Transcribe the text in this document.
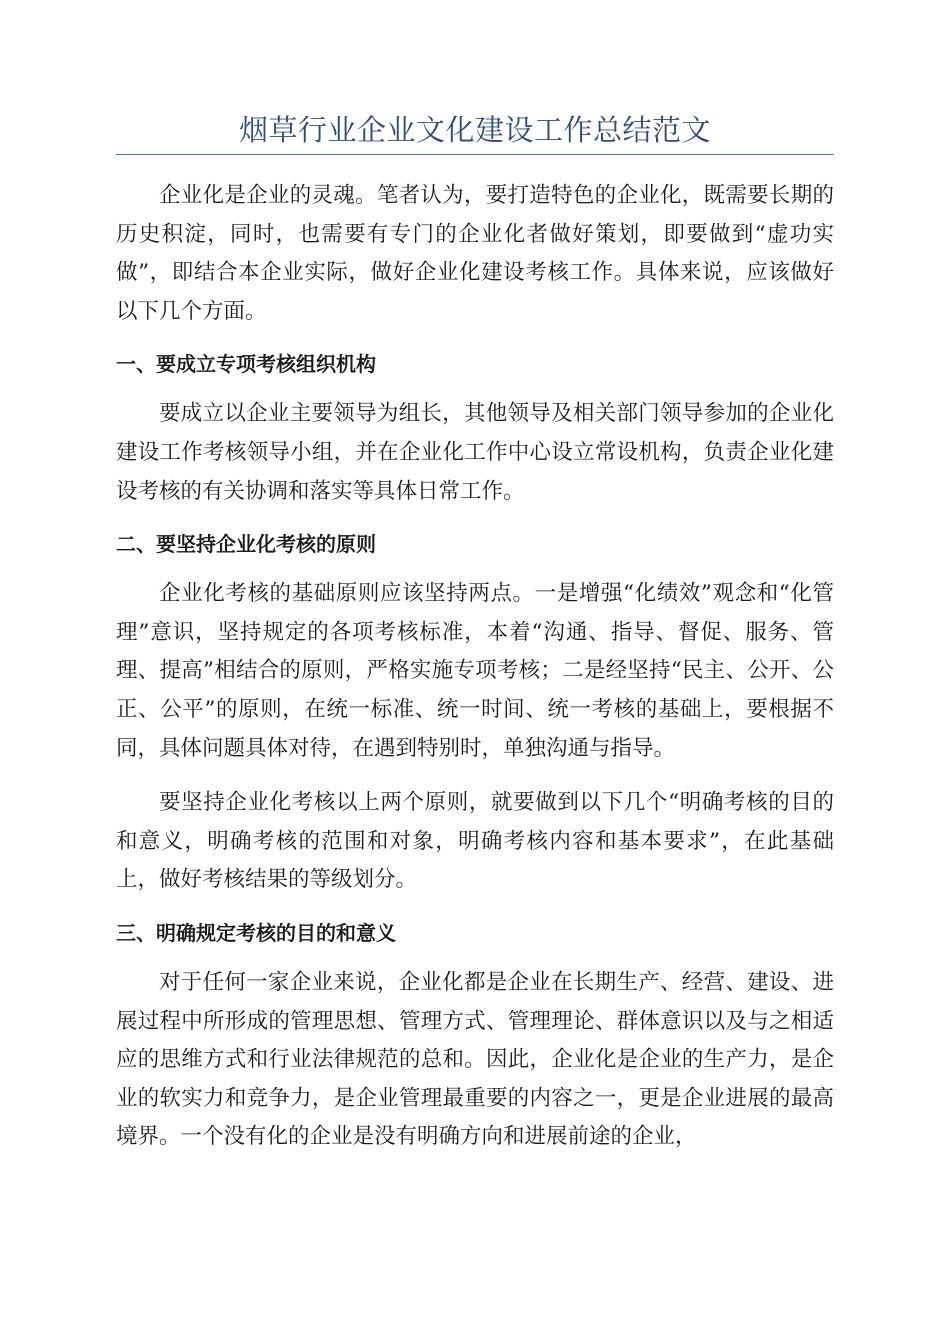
烟草行业企业文化建设工作总结范文

企业化是企业的灵魂。笔者认为，要打造特色的企业化，既需要长期的历史积淀，同时，也需要有专门的企业化者做好策划，即要做到“虚功实做”，即结合本企业实际，做好企业化建设考核工作。具体来说，应该做好以下几个方面。

一、要成立专项考核组织机构

要成立以企业主要领导为组长，其他领导及相关部门领导参加的企业化建设工作考核领导小组，并在企业化工作中心设立常设机构，负责企业化建设考核的有关协调和落实等具体日常工作。

二、要坚持企业化考核的原则

企业化考核的基础原则应该坚持两点。一是增强“化绩效”观念和“化管理”意识，坚持规定的各项考核标准，本着“沟通、指导、督促、服务、管理、提高”相结合的原则，严格实施专项考核；二是经坚持“民主、公开、公正、公平”的原则，在统一标准、统一时间、统一考核的基础上，要根据不同，具体问题具体对待，在遇到特别时，单独沟通与指导。

要坚持企业化考核以上两个原则，就要做到以下几个“明确考核的目的和意义，明确考核的范围和对象，明确考核内容和基本要求”，在此基础上，做好考核结果的等级划分。

三、明确规定考核的目的和意义

对于任何一家企业来说，企业化都是企业在长期生产、经营、建设、进展过程中所形成的管理思想、管理方式、管理理论、群体意识以及与之相适应的思维方式和行业法律规范的总和。因此，企业化是企业的生产力，是企业的软实力和竞争力，是企业管理最重要的内容之一，更是企业进展的最高境界。一个没有化的企业是没有明确方向和进展前途的企业，
